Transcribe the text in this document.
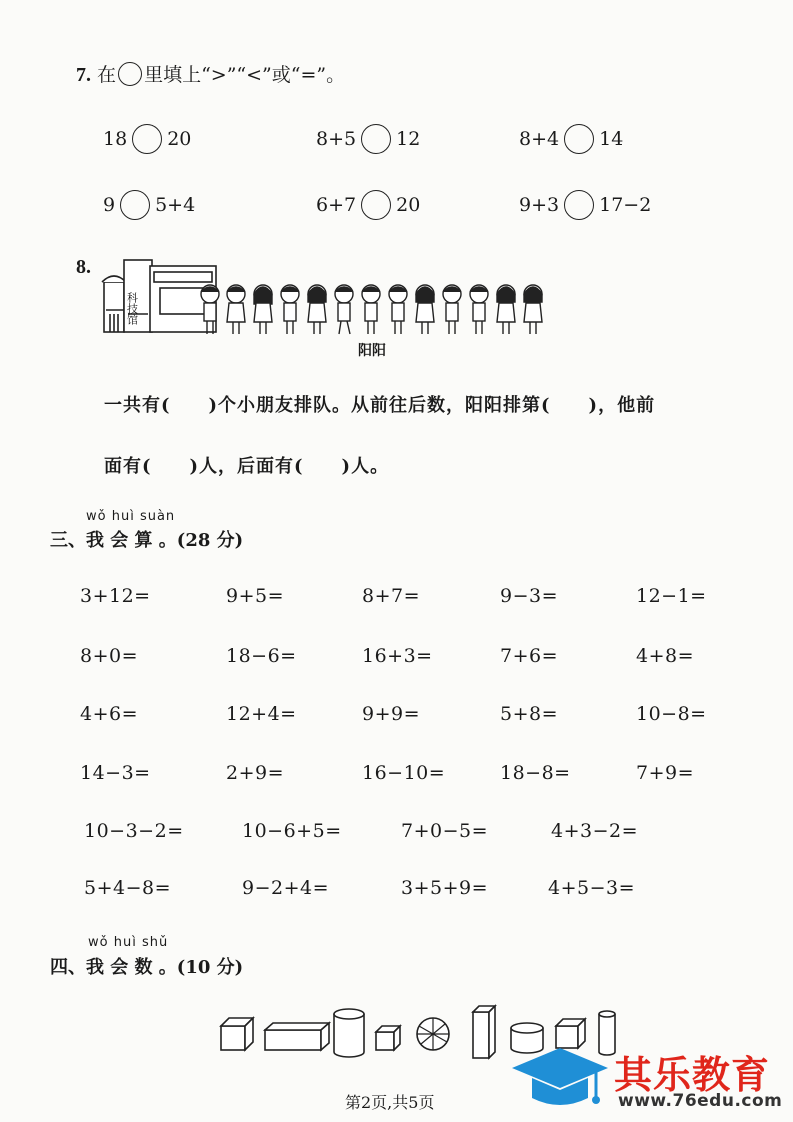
7. 在 里填上“>”“<”或“=”。
18 20	8+5 12	8+4 14
9 5+4	6+7 20	9+3 17−2
8.
科技馆
阳阳
一共有(　　)个小朋友排队。从前往后数，阳阳排第(　　)，他前
面有(　　)人，后面有(　　)人。
wǒ huì suàn
三、我 会 算 。(28 分)
3+12=	9+5=	8+7=	9−3=	12−1=
8+0=	18−6=	16+3=	7+6=	4+8=
4+6=	12+4=	9+9=	5+8=	10−8=
14−3=	2+9=	16−10=	18−8=	7+9=
10−3−2=	10−6+5=	7+0−5=	4+3−2=
5+4−8=	9−2+4=	3+5+9=	4+5−3=
wǒ huì shǔ
四、我 会 数 。(10 分)
第2页,共5页
其乐教育
www.76edu.com
